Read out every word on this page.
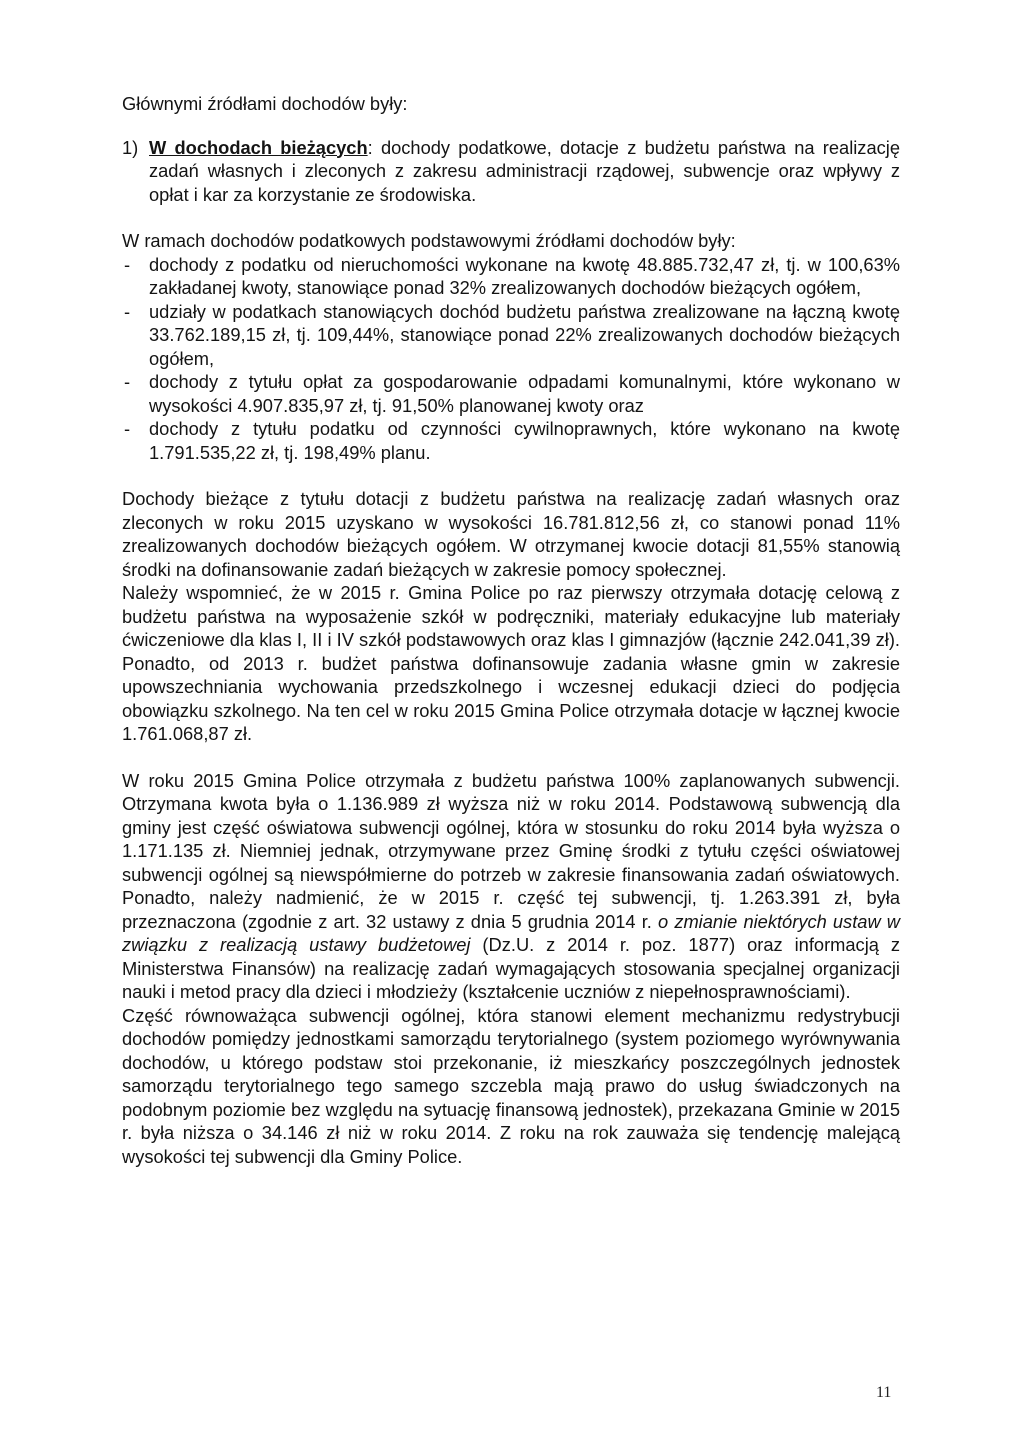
Głównymi źródłami dochodów były:

1) W dochodach bieżących: dochody podatkowe, dotacje z budżetu państwa na realizację zadań własnych i zleconych z zakresu administracji rządowej, subwencje oraz wpływy z opłat i kar za korzystanie ze środowiska.

W ramach dochodów podatkowych podstawowymi źródłami dochodów były:

- dochody z podatku od nieruchomości wykonane na kwotę 48.885.732,47 zł, tj. w 100,63% zakładanej kwoty, stanowiące ponad 32% zrealizowanych dochodów bieżących ogółem,
- udziały w podatkach stanowiących dochód budżetu państwa zrealizowane na łączną kwotę 33.762.189,15 zł, tj. 109,44%, stanowiące ponad 22% zrealizowanych dochodów bieżących ogółem,
- dochody z tytułu opłat za gospodarowanie odpadami komunalnymi, które wykonano w wysokości 4.907.835,97 zł, tj. 91,50% planowanej kwoty oraz
- dochody z tytułu podatku od czynności cywilnoprawnych, które wykonano na kwotę 1.791.535,22 zł, tj. 198,49% planu.

Dochody bieżące z tytułu dotacji z budżetu państwa na realizację zadań własnych oraz zleconych w roku 2015 uzyskano w wysokości 16.781.812,56 zł, co stanowi ponad 11% zrealizowanych dochodów bieżących ogółem. W otrzymanej kwocie dotacji 81,55% stanowią środki na dofinansowanie zadań bieżących w zakresie pomocy społecznej.

Należy wspomnieć, że w 2015 r. Gmina Police po raz pierwszy otrzymała dotację celową z budżetu państwa na wyposażenie szkół w podręczniki, materiały edukacyjne lub materiały ćwiczeniowe dla klas I, II i IV szkół podstawowych oraz klas I gimnazjów (łącznie 242.041,39 zł). Ponadto, od 2013 r. budżet państwa dofinansowuje zadania własne gmin w zakresie upowszechniania wychowania przedszkolnego i wczesnej edukacji dzieci do podjęcia obowiązku szkolnego. Na ten cel w roku 2015 Gmina Police otrzymała dotacje w łącznej kwocie 1.761.068,87 zł.

W roku 2015 Gmina Police otrzymała z budżetu państwa 100% zaplanowanych subwencji. Otrzymana kwota była o 1.136.989 zł wyższa niż w roku 2014. Podstawową subwencją dla gminy jest część oświatowa subwencji ogólnej, która w stosunku do roku 2014 była wyższa o 1.171.135 zł. Niemniej jednak, otrzymywane przez Gminę środki z tytułu części oświatowej subwencji ogólnej są niewspółmierne do potrzeb w zakresie finansowania zadań oświatowych. Ponadto, należy nadmienić, że w 2015 r. część tej subwencji, tj. 1.263.391 zł, była przeznaczona (zgodnie z art. 32 ustawy z dnia 5 grudnia 2014 r. o zmianie niektórych ustaw w związku z realizacją ustawy budżetowej (Dz.U. z 2014 r. poz. 1877) oraz informacją z Ministerstwa Finansów) na realizację zadań wymagających stosowania specjalnej organizacji nauki i metod pracy dla dzieci i młodzieży (kształcenie uczniów z niepełnosprawnościami).

Część równoważąca subwencji ogólnej, która stanowi element mechanizmu redystrybucji dochodów pomiędzy jednostkami samorządu terytorialnego (system poziomego wyrównywania dochodów, u którego podstaw stoi przekonanie, iż mieszkańcy poszczególnych jednostek samorządu terytorialnego tego samego szczebla mają prawo do usług świadczonych na podobnym poziomie bez względu na sytuację finansową jednostek), przekazana Gminie w 2015 r. była niższa o 34.146 zł niż w roku 2014. Z roku na rok zauważa się tendencję malejącą wysokości tej subwencji dla Gminy Police.

11
